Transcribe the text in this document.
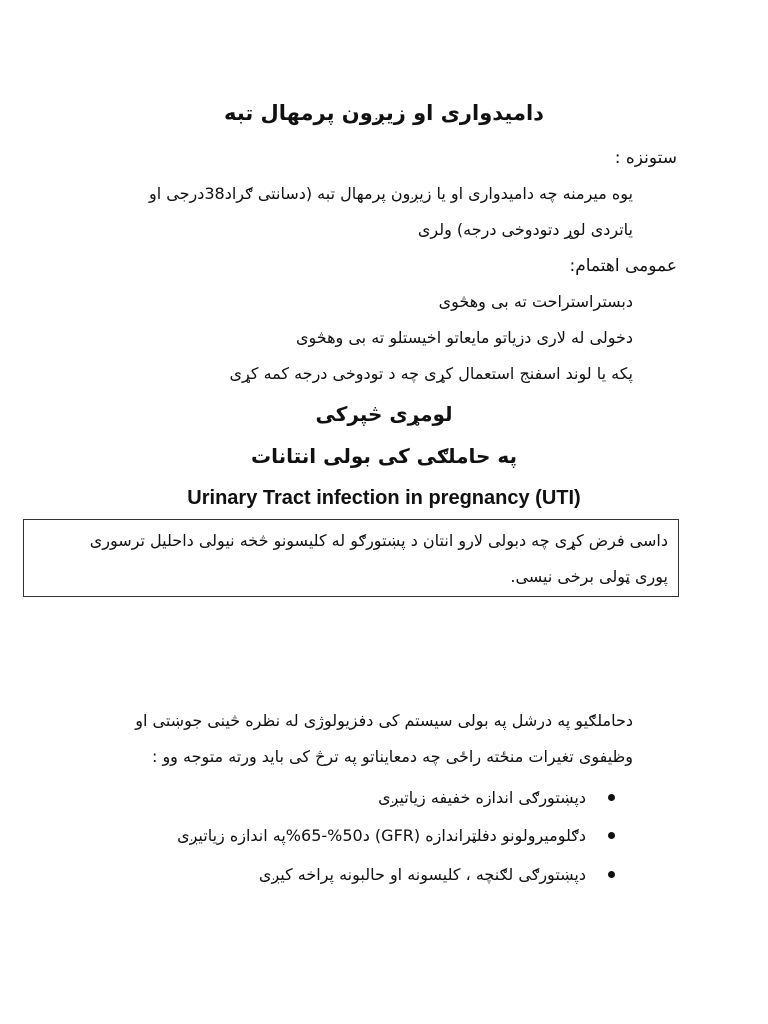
دامیدواری او زیږون پرمهال تبه
ستونزه :
یوه میرمنه چه دامیدواری او یا زیږون پرمهال تبه (دسانتی ګراد38درجی او
یاتردی لوړ دتودوخی درجه) ولری
عمومی اهتمام:
دبستراستراحت ته بی وهڅوی
دخولی له لاری دزیاتو مایعاتو اخیستلو ته بی وهڅوی
پکه یا لوند اسفنج استعمال کړی چه د تودوخی درجه کمه کړی
لومړی څپرکی
په حاملګی کی بولی انتانات
Urinary Tract infection in pregnancy (UTI)
داسی فرض کړی چه دبولی لارو انتان د پښتورګو له کلیسونو څخه نیولی داحلیل ترسوری
پوری ټولی برخی نیسی.
دحاملګیو په درشل په بولی سیستم کی دفزیولوژی له نظره څینی جوښتی او
وظیفوی تغیرات منځته راځی چه دمعایناتو په ترڅ کی باید ورته متوجه وو :
دپښتورګی اندازه خفیفه زیاتیږی
دګلومیرولونو دفلټراندازه (GFR) د50%-65%په اندازه زیاتیږی
دپښتورګی لګنچه ، کلیسونه او حالبونه پراخه کیږی
